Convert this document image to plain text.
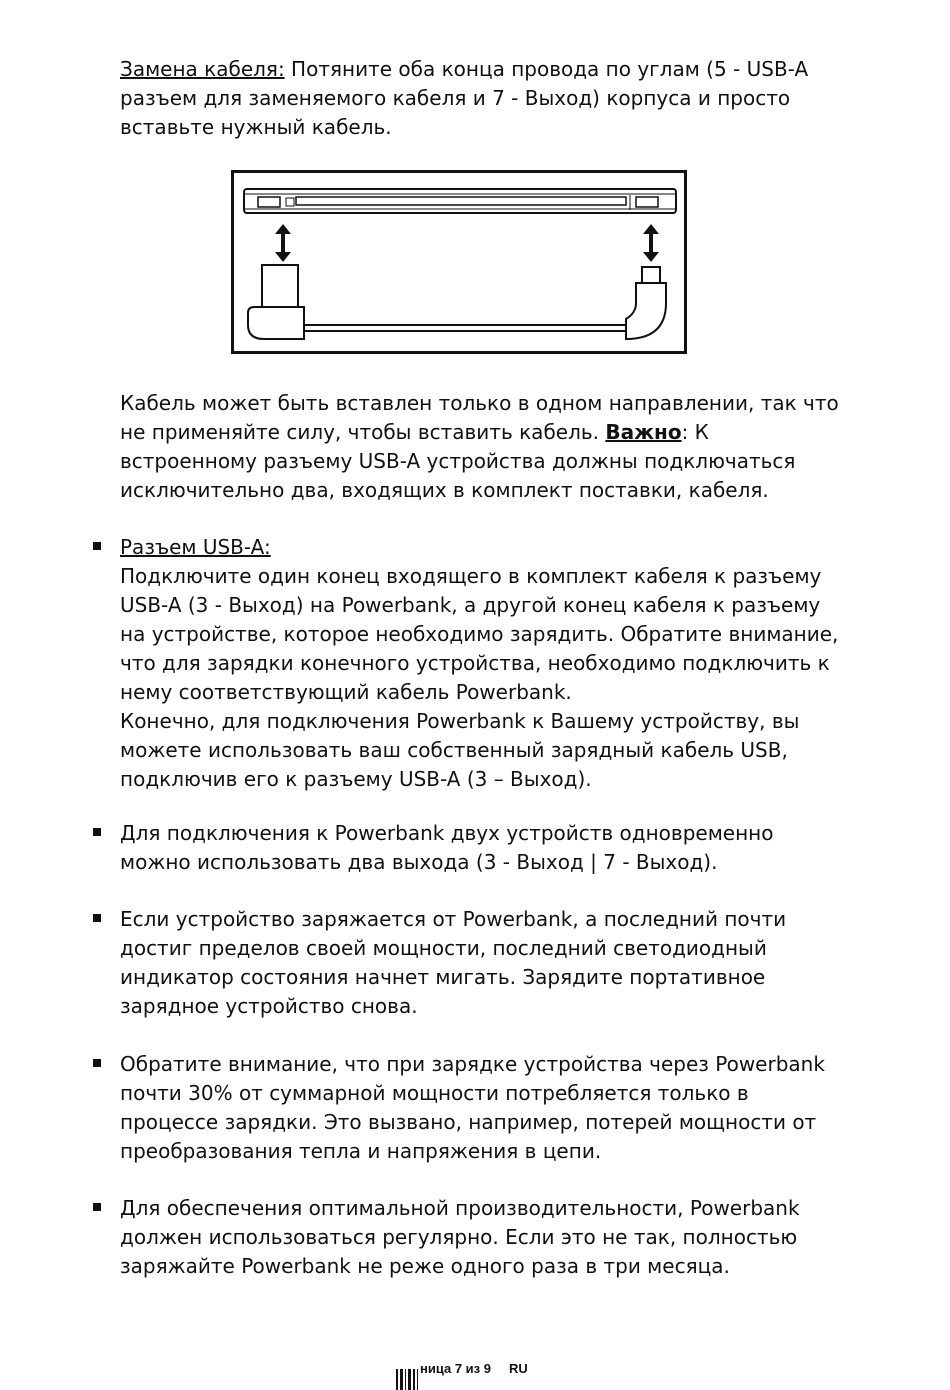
Замена кабеля: Потяните оба конца провода по углам (5 - USB-A разъем для заменяемого кабеля и 7 - Выход) корпуса и просто вставьте нужный кабель.

Кабель может быть вставлен только в одном направлении, так что не применяйте силу, чтобы вставить кабель. Важно: К встроенному разъему USB-A устройства должны подключаться исключительно два, входящих в комплект поставки, кабеля.

Разъем USB-A:
Подключите один конец входящего в комплект кабеля к разъему USB-A (3 - Выход) на Powerbank, а другой конец кабеля к разъему на устройстве, которое необходимо зарядить. Обратите внимание, что для зарядки конечного устройства, необходимо подключить к нему соответствующий кабель Powerbank.
Конечно, для подключения Powerbank к Вашему устройству, вы можете использовать ваш собственный зарядный кабель USB, подключив его к разъему USB-A (3 – Выход).

Для подключения к Powerbank двух устройств одновременно можно использовать два выхода (3 - Выход | 7 - Выход).

Если устройство заряжается от Powerbank, а последний почти достиг пределов своей мощности, последний светодиодный индикатор состояния начнет мигать. Зарядите портативное зарядное устройство снова.

Обратите внимание, что при зарядке устройства через Powerbank почти 30% от суммарной мощности потребляется только в процессе зарядки. Это вызвано, например, потерей мощности от преобразования тепла и напряжения в цепи.

Для обеспечения оптимальной производительности, Powerbank должен использоваться регулярно. Если это не так, полностью заряжайте Powerbank не реже одного раза в три месяца.

ница 7 из 9 RU
